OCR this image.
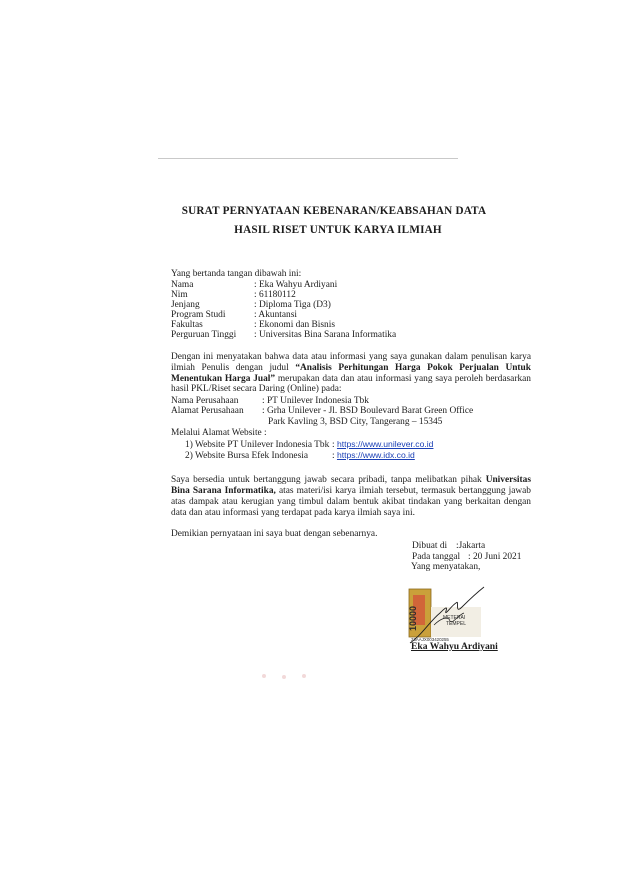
SURAT PERNYATAAN KEBENARAN/KEABSAHAN DATA
HASIL RISET UNTUK KARYA ILMIAH
Yang bertanda tangan dibawah ini:
Nama	: Eka Wahyu Ardiyani
Nim	: 61180112
Jenjang	: Diploma Tiga (D3)
Program Studi	: Akuntansi
Fakultas	: Ekonomi dan Bisnis
Perguruan Tinggi : Universitas Bina Sarana Informatika
Dengan ini menyatakan bahwa data atau informasi yang saya gunakan dalam penulisan karya ilmiah Penulis dengan judul “Analisis Perhitungan Harga Pokok Perjualan Untuk Menentukan Harga Jual” merupakan data dan atau informasi yang saya peroleh berdasarkan hasil PKL/Riset secara Daring (Online) pada:
Nama Perusahaan	: PT Unilever Indonesia Tbk
Alamat Perusahaan : Grha Unilever - Jl. BSD Boulevard Barat Green Office
Park Kavling 3, BSD City, Tangerang – 15345
Melalui Alamat Website :
1) Website PT Unilever Indonesia Tbk : https://www.unilever.co.id
2) Website Bursa Efek Indonesia	: https://www.idx.co.id
Saya bersedia untuk bertanggung jawab secara pribadi, tanpa melibatkan pihak Universitas Bina Sarana Informatika, atas materi/isi karya ilmiah tersebut, termasuk bertanggung jawab atas dampak atau kerugian yang timbul dalam bentuk akibat tindakan yang berkaitan dengan data dan atau informasi yang terdapat pada karya ilmiah saya ini.
Demikian pernyataan ini saya buat dengan sebenarnya.
Dibuat di :Jakarta
Pada tanggal : 20 Juni 2021
Yang menyatakan,
10000	METERAI
TEMPEL
33AAJX003420255
Eka Wahyu Ardiyani
